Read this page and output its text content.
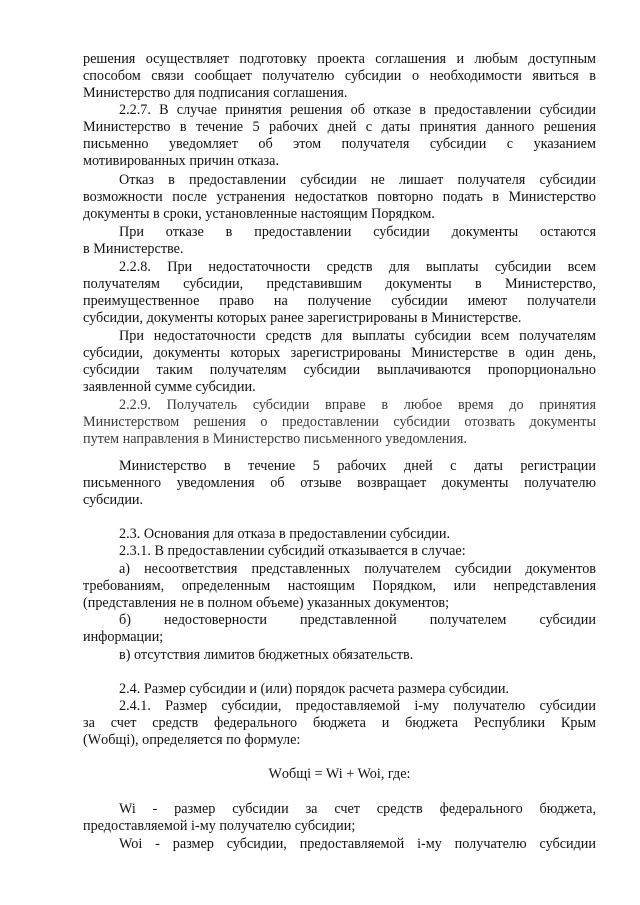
решения осуществляет подготовку проекта соглашения и любым доступным
способом связи сообщает получателю субсидии о необходимости явиться в
Министерство для подписания соглашения.
2.2.7. В случае принятия решения об отказе в предоставлении субсидии
Министерство в течение 5 рабочих дней с даты принятия данного решения
письменно уведомляет об этом получателя субсидии с указанием
мотивированных причин отказа.
Отказ в предоставлении субсидии не лишает получателя субсидии
возможности после устранения недостатков повторно подать в Министерство
документы в сроки, установленные настоящим Порядком.
При отказе в предоставлении субсидии документы остаются
в Министерстве.
2.2.8. При недостаточности средств для выплаты субсидии всем
получателям субсидии, представившим документы в Министерство,
преимущественное право на получение субсидии имеют получатели
субсидии, документы которых ранее зарегистрированы в Министерстве.
При недостаточности средств для выплаты субсидии всем получателям
субсидии, документы которых зарегистрированы Министерстве в один день,
субсидии таким получателям субсидии выплачиваются пропорционально
заявленной сумме субсидии.
2.2.9. Получатель субсидии вправе в любое время до принятия
Министерством решения о предоставлении субсидии отозвать документы
путем направления в Министерство письменного уведомления.
Министерство в течение 5 рабочих дней с даты регистрации
письменного уведомления об отзыве возвращает документы получателю
субсидии.
2.3. Основания для отказа в предоставлении субсидии.
2.3.1. В предоставлении субсидий отказывается в случае:
а) несоответствия представленных получателем субсидии документов
требованиям, определенным настоящим Порядком, или непредставления
(представления не в полном объеме) указанных документов;
б) недостоверности представленной получателем субсидии
информации;
в) отсутствия лимитов бюджетных обязательств.
2.4. Размер субсидии и (или) порядок расчета размера субсидии.
2.4.1. Размер субсидии, предоставляемой i-му получателю субсидии
за счет средств федерального бюджета и бюджета Республики Крым
(Wобщi), определяется по формуле:
Wобщi = Wi + Woi, где:
Wi - размер субсидии за счет средств федерального бюджета,
предоставляемой i-му получателю субсидии;
Woi - размер субсидии, предоставляемой i-му получателю субсидии
